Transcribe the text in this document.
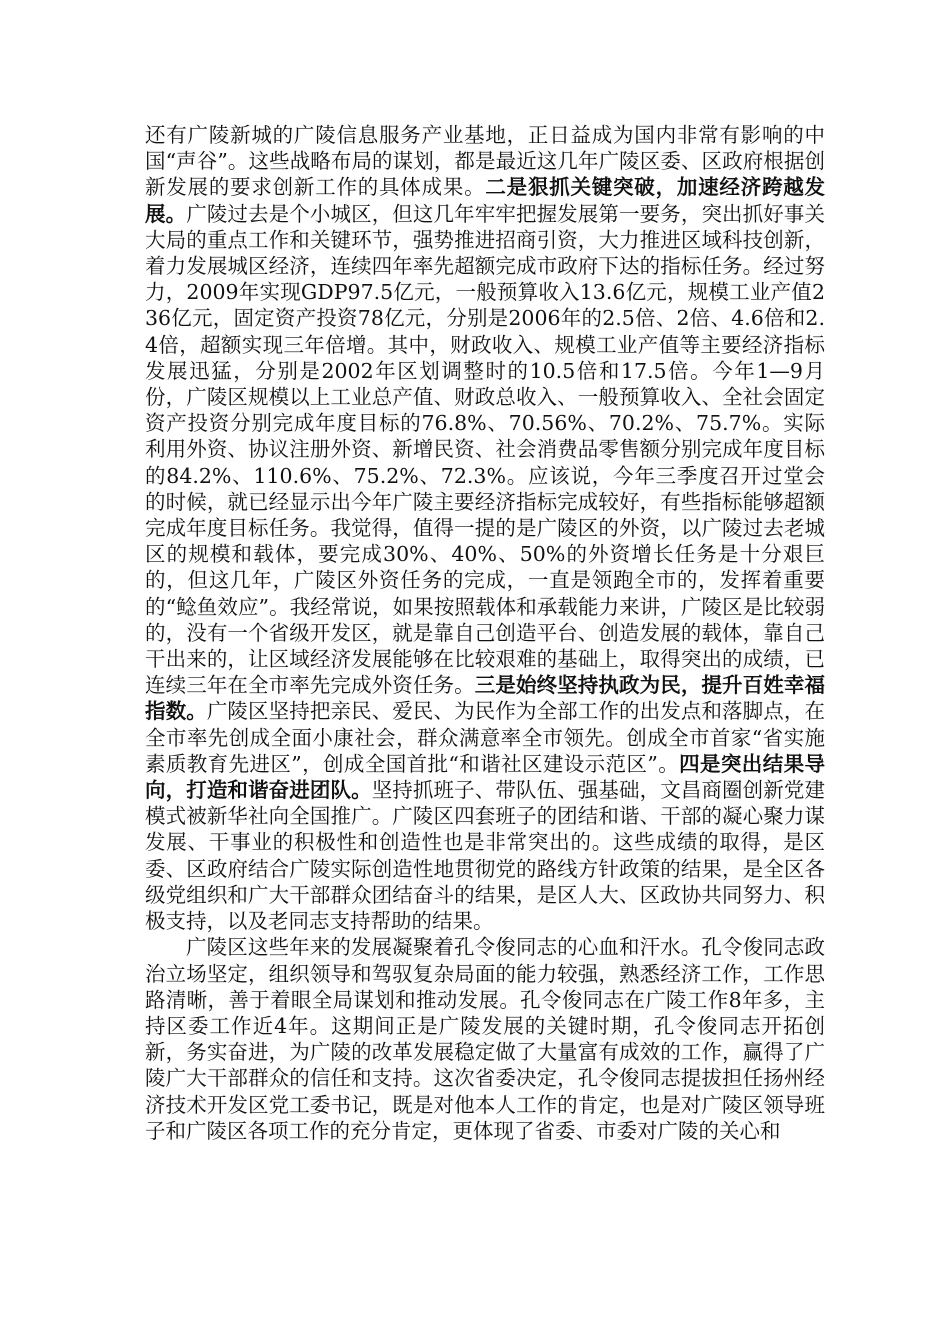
还有广陵新城的广陵信息服务产业基地，正日益成为国内非常有影响的中国“声谷”。这些战略布局的谋划，都是最近这几年广陵区委、区政府根据创新发展的要求创新工作的具体成果。二是狠抓关键突破，加速经济跨越发展。广陵过去是个小城区，但这几年牢牢把握发展第一要务，突出抓好事关大局的重点工作和关键环节，强势推进招商引资，大力推进区域科技创新，着力发展城区经济，连续四年率先超额完成市政府下达的指标任务。经过努力，2009年实现GDP97.5亿元，一般预算收入13.6亿元，规模工业产值236亿元，固定资产投资78亿元，分别是2006年的2.5倍、2倍、4.6倍和2.4倍，超额实现三年倍增。其中，财政收入、规模工业产值等主要经济指标发展迅猛，分别是2002年区划调整时的10.5倍和17.5倍。今年1—9月份，广陵区规模以上工业总产值、财政总收入、一般预算收入、全社会固定资产投资分别完成年度目标的76.8%、70.56%、70.2%、75.7%。实际利用外资、协议注册外资、新增民资、社会消费品零售额分别完成年度目标的84.2%、110.6%、75.2%、72.3%。应该说，今年三季度召开过堂会的时候，就已经显示出今年广陵主要经济指标完成较好，有些指标能够超额完成年度目标任务。我觉得，值得一提的是广陵区的外资，以广陵过去老城区的规模和载体，要完成30%、40%、50%的外资增长任务是十分艰巨的，但这几年，广陵区外资任务的完成，一直是领跑全市的，发挥着重要的“鲶鱼效应”。我经常说，如果按照载体和承载能力来讲，广陵区是比较弱的，没有一个省级开发区，就是靠自己创造平台、创造发展的载体，靠自己干出来的，让区域经济发展能够在比较艰难的基础上，取得突出的成绩，已连续三年在全市率先完成外资任务。三是始终坚持执政为民，提升百姓幸福指数。广陵区坚持把亲民、爱民、为民作为全部工作的出发点和落脚点，在全市率先创成全面小康社会，群众满意率全市领先。创成全市首家“省实施素质教育先进区”，创成全国首批“和谐社区建设示范区”。四是突出结果导向，打造和谐奋进团队。坚持抓班子、带队伍、强基础，文昌商圈创新党建模式被新华社向全国推广。广陵区四套班子的团结和谐、干部的凝心聚力谋发展、干事业的积极性和创造性也是非常突出的。这些成绩的取得，是区委、区政府结合广陵实际创造性地贯彻党的路线方针政策的结果，是全区各级党组织和广大干部群众团结奋斗的结果，是区人大、区政协共同努力、积极支持，以及老同志支持帮助的结果。

广陵区这些年来的发展凝聚着孔令俊同志的心血和汗水。孔令俊同志政治立场坚定，组织领导和驾驭复杂局面的能力较强，熟悉经济工作，工作思路清晰，善于着眼全局谋划和推动发展。孔令俊同志在广陵工作8年多，主持区委工作近4年。这期间正是广陵发展的关键时期，孔令俊同志开拓创新，务实奋进，为广陵的改革发展稳定做了大量富有成效的工作，赢得了广陵广大干部群众的信任和支持。这次省委决定，孔令俊同志提拔担任扬州经济技术开发区党工委书记，既是对他本人工作的肯定，也是对广陵区领导班子和广陵区各项工作的充分肯定，更体现了省委、市委对广陵的关心和
